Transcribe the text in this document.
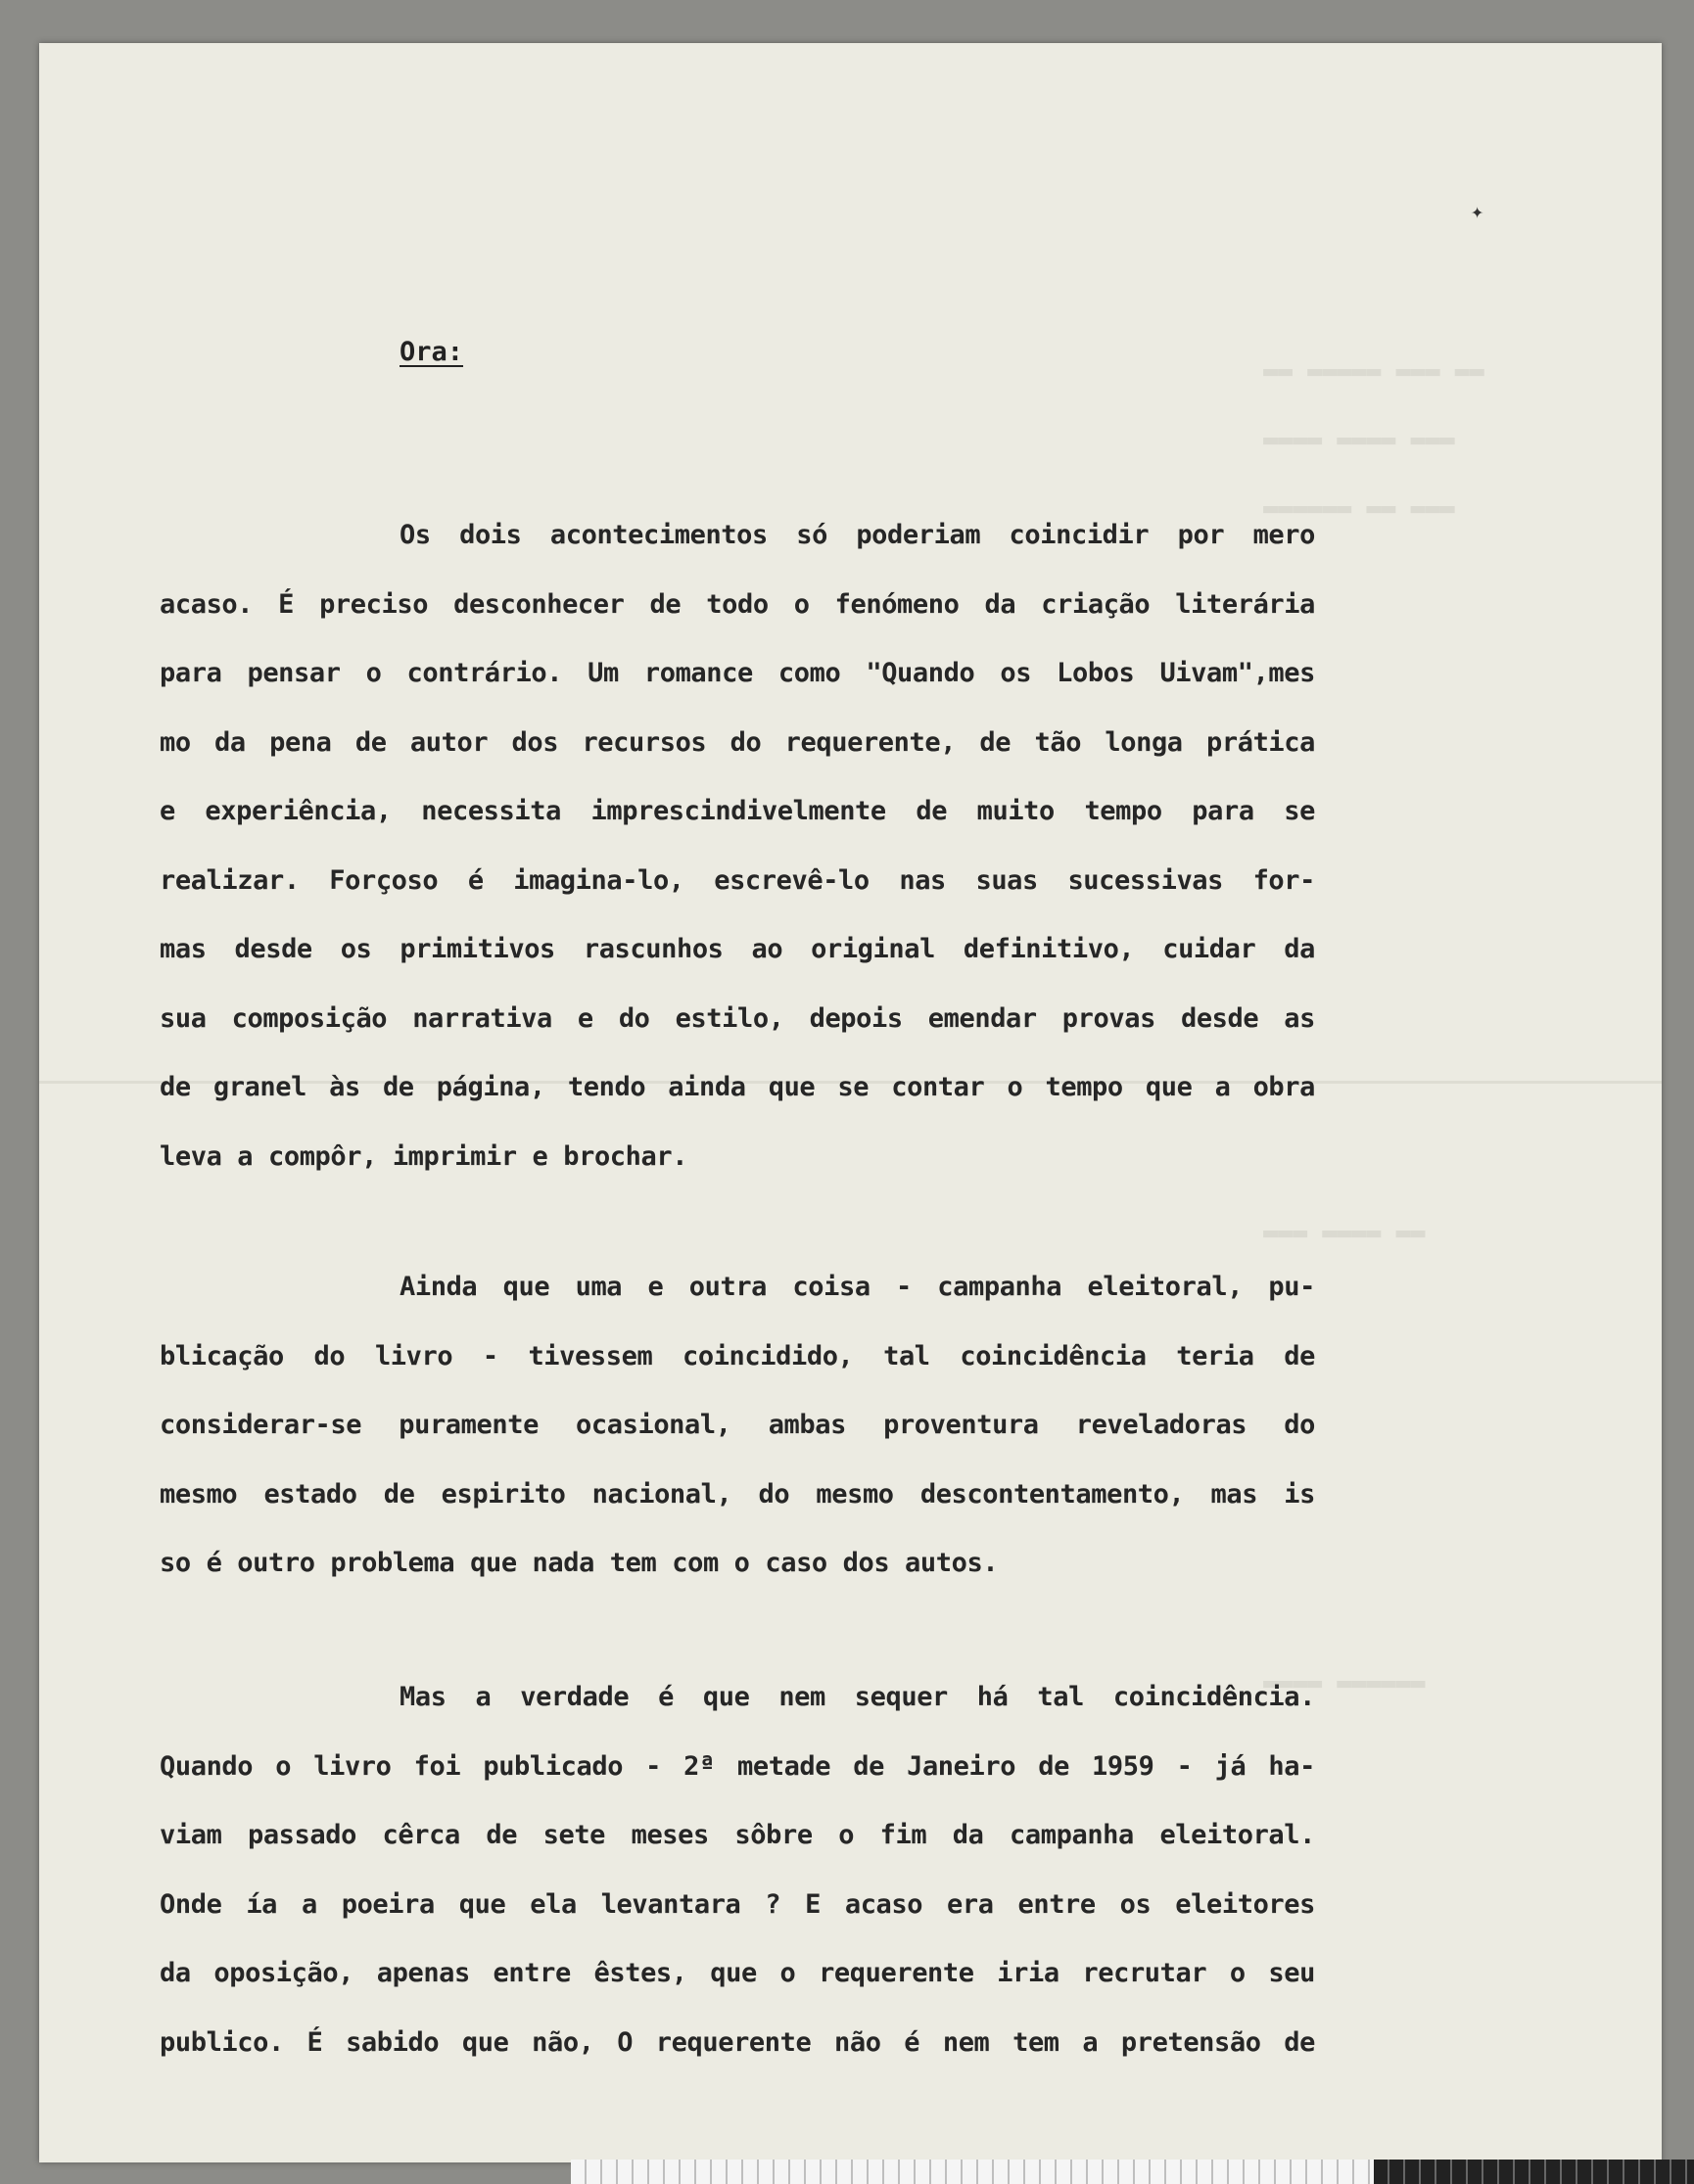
▬▬ ▬▬▬▬▬ ▬▬▬ ▬▬
▬▬▬▬ ▬▬▬▬ ▬▬▬
▬▬▬▬▬▬ ▬▬ ▬▬▬
▬▬▬ ▬▬▬▬ ▬▬
▬▬▬▬ ▬▬▬▬▬▬
✦
Ora:
Os dois acontecimentos só poderiam coincidir por mero
acaso. É preciso desconhecer de todo o fenómeno da criação literária
para pensar o contrário. Um romance como "Quando os Lobos Uivam",mes
mo da pena de autor dos recursos do requerente, de tão longa prática
e experiência, necessita imprescindivelmente de muito tempo para se
realizar. Forçoso é imagina-lo, escrevê-lo nas suas sucessivas for-
mas desde os primitivos rascunhos ao original definitivo, cuidar da
sua composição narrativa e do estilo, depois emendar provas desde as
de granel às de página, tendo ainda que se contar o tempo que a obra
leva a compôr, imprimir e brochar.
Ainda que uma e outra coisa - campanha eleitoral, pu-
blicação do livro - tivessem coincidido, tal coincidência teria de
considerar-se puramente ocasional, ambas proventura reveladoras do
mesmo estado de espirito nacional, do mesmo descontentamento, mas is
so é outro problema que nada tem com o caso dos autos.
Mas a verdade é que nem sequer há tal coincidência.
Quando o livro foi publicado - 2ª metade de Janeiro de 1959 - já ha-
viam passado cêrca de sete meses sôbre o fim da campanha eleitoral.
Onde ía a poeira que ela levantara ? E acaso era entre os eleitores
da oposição, apenas entre êstes, que o requerente iria recrutar o seu
publico. É sabido que não, O requerente não é nem tem a pretensão de
